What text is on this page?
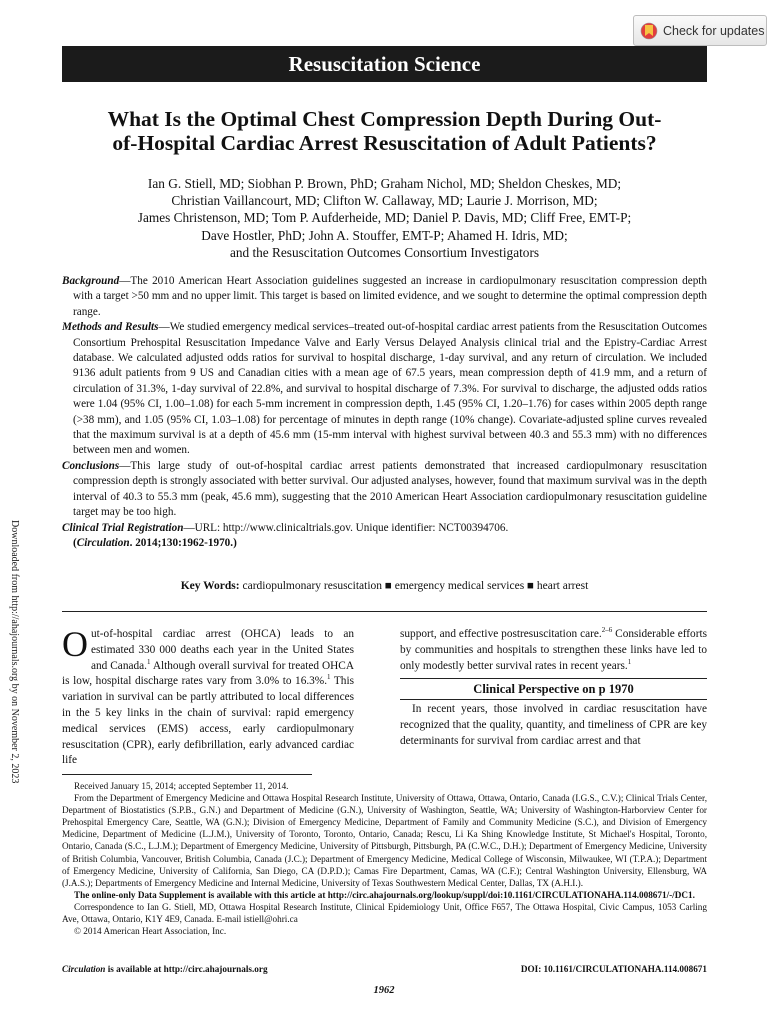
Check for updates
Resuscitation Science
What Is the Optimal Chest Compression Depth During Out-
of-Hospital Cardiac Arrest Resuscitation of Adult Patients?
Ian G. Stiell, MD; Siobhan P. Brown, PhD; Graham Nichol, MD; Sheldon Cheskes, MD;
Christian Vaillancourt, MD; Clifton W. Callaway, MD; Laurie J. Morrison, MD;
James Christenson, MD; Tom P. Aufderheide, MD; Daniel P. Davis, MD; Cliff Free, EMT-P;
Dave Hostler, PhD; John A. Stouffer, EMT-P; Ahamed H. Idris, MD;
and the Resuscitation Outcomes Consortium Investigators
Background—The 2010 American Heart Association guidelines suggested an increase in cardiopulmonary resuscitation compression depth with a target >50 mm and no upper limit. This target is based on limited evidence, and we sought to determine the optimal compression depth range.
Methods and Results—We studied emergency medical services–treated out-of-hospital cardiac arrest patients from the Resuscitation Outcomes Consortium Prehospital Resuscitation Impedance Valve and Early Versus Delayed Analysis clinical trial and the Epistry-Cardiac Arrest database. We calculated adjusted odds ratios for survival to hospital discharge, 1-day survival, and any return of circulation. We included 9136 adult patients from 9 US and Canadian cities with a mean age of 67.5 years, mean compression depth of 41.9 mm, and a return of circulation of 31.3%, 1-day survival of 22.8%, and survival to hospital discharge of 7.3%. For survival to discharge, the adjusted odds ratios were 1.04 (95% CI, 1.00–1.08) for each 5-mm increment in compression depth, 1.45 (95% CI, 1.20–1.76) for cases within 2005 depth range (>38 mm), and 1.05 (95% CI, 1.03–1.08) for percentage of minutes in depth range (10% change). Covariate-adjusted spline curves revealed that the maximum survival is at a depth of 45.6 mm (15-mm interval with highest survival between 40.3 and 55.3 mm) with no differences between men and women.
Conclusions—This large study of out-of-hospital cardiac arrest patients demonstrated that increased cardiopulmonary resuscitation compression depth is strongly associated with better survival. Our adjusted analyses, however, found that maximum survival was in the depth interval of 40.3 to 55.3 mm (peak, 45.6 mm), suggesting that the 2010 American Heart Association cardiopulmonary resuscitation guideline target may be too high.
Clinical Trial Registration—URL: http://www.clinicaltrials.gov. Unique identifier: NCT00394706.
(Circulation. 2014;130:1962-1970.)
Key Words: cardiopulmonary resuscitation ■ emergency medical services ■ heart arrest
Downloaded from http://ahajournals.org by on November 2, 2023 Out-of-hospital cardiac arrest (OHCA) leads to an estimated 330 000 deaths each year in the United States and Canada.$^1$ Although overall survival for treated OHCA is low, hospital discharge rates vary from 3.0% to 16.3%.$^1$ This variation in survival can be partly attributed to local differences in the 5 key links in the chain of survival: rapid emergency medical services (EMS) access, early cardiopulmonary resuscitation (CPR), early defibrillation, early advanced cardiac life
support, and effective postresuscitation care.$^{2-6}$ Considerable efforts by communities and hospitals to strengthen these links have led to only modestly better survival rates in recent years.$^1$
Clinical Perspective on p 1970
In recent years, those involved in cardiac resuscitation have recognized that the quality, quantity, and timeliness of CPR are key determinants for survival from cardiac arrest and that

Received January 15, 2014; accepted September 11, 2014.

From the Department of Emergency Medicine and Ottawa Hospital Research Institute, University of Ottawa, Ottawa, Ontario, Canada (I.G.S., C.V.); Clinical Trials Center, Department of Biostatistics (S.P.B., G.N.) and Department of Medicine (G.N.), University of Washington, Seattle, WA; University of Washington-Harborview Center for Prehospital Emergency Care, Seattle, WA (G.N.); Division of Emergency Medicine, Department of Family and Community Medicine (S.C.), and Division of Emergency Medicine, Department of Medicine (L.J.M.), University of Toronto, Toronto, Ontario, Canada; Rescu, Li Ka Shing Knowledge Institute, St Michael's Hospital, Toronto, Ontario, Canada (S.C., L.J.M.); Department of Emergency Medicine, University of Pittsburgh, Pittsburgh, PA (C.W.C., D.H.); Department of Emergency Medicine, University of British Columbia, Vancouver, British Columbia, Canada (J.C.); Department of Emergency Medicine, Medical College of Wisconsin, Milwaukee, WI (T.P.A.); Department of Emergency Medicine, University of California, San Diego, CA (D.P.D.); Camas Fire Department, Camas, WA (C.F.); Central Washington University, Ellensburg, WA (J.A.S.); Departments of Emergency Medicine and Internal Medicine, University of Texas Southwestern Medical Center, Dallas, TX (A.H.I.).

The online-only Data Supplement is available with this article at http://circ.ahajournals.org/lookup/suppl/doi:10.1161/CIRCULATIONAHA.114.008671/-/DC1.

Correspondence to Ian G. Stiell, MD, Ottawa Hospital Research Institute, Clinical Epidemiology Unit, Office F657, The Ottawa Hospital, Civic Campus, 1053 Carling Ave, Ottawa, Ontario, K1Y 4E9, Canada. E-mail istiell@ohri.ca

© 2014 American Heart Association, Inc.

Circulation is available at http://circ.ahajournals.org	DOI: 10.1161/CIRCULATIONAHA.114.008671
1962
